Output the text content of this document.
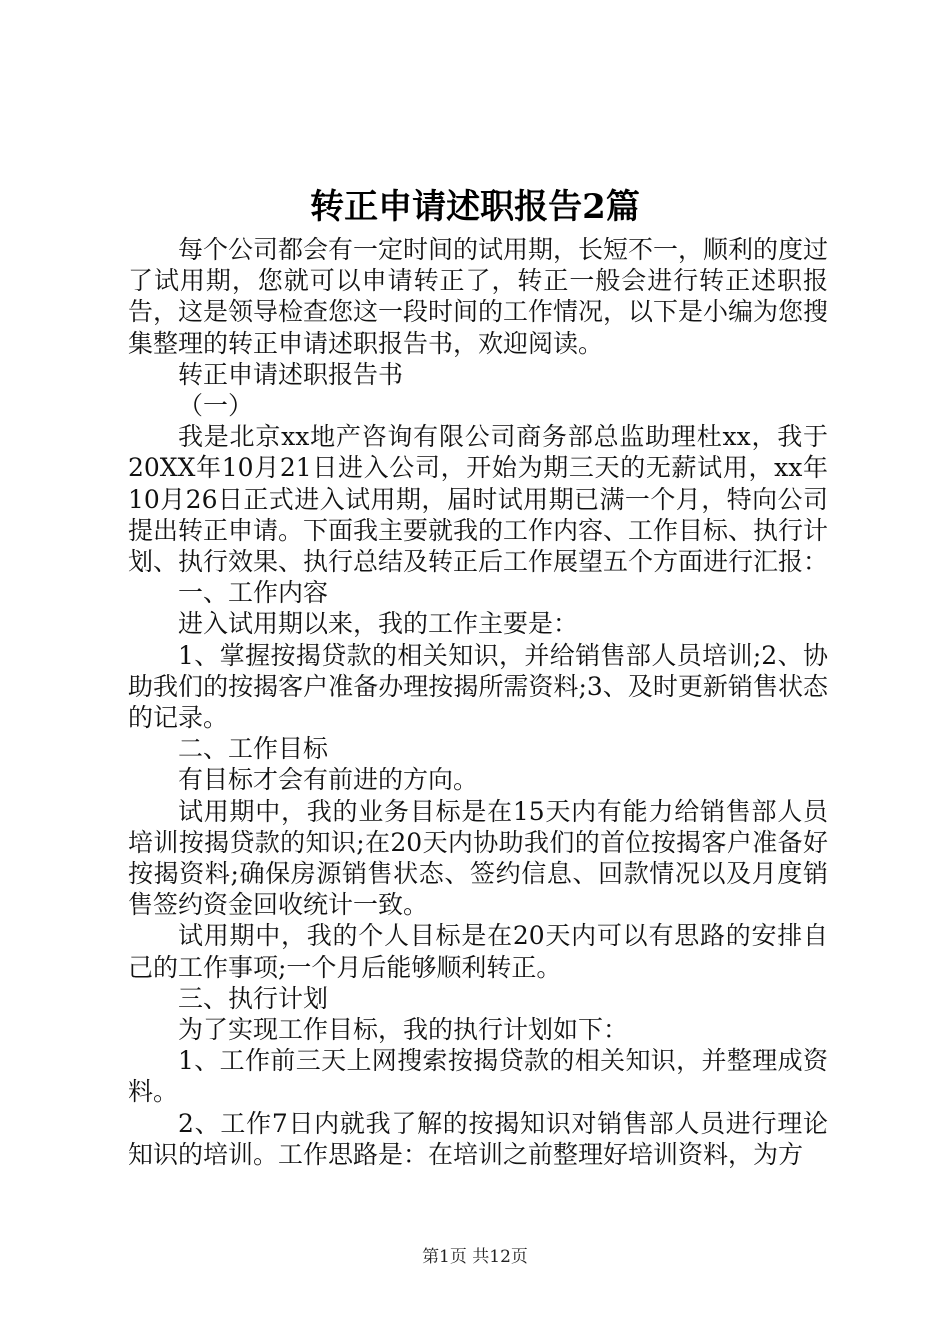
转正申请述职报告2篇

每个公司都会有一定时间的试用期，长短不一，顺利的度过了试用期，您就可以申请转正了，转正一般会进行转正述职报告，这是领导检查您这一段时间的工作情况，以下是小编为您搜集整理的转正申请述职报告书，欢迎阅读。

转正申请述职报告书

（一）

我是北京xx地产咨询有限公司商务部总监助理杜xx，我于20XX年10月21日进入公司，开始为期三天的无薪试用，xx年10月26日正式进入试用期，届时试用期已满一个月，特向公司提出转正申请。下面我主要就我的工作内容、工作目标、执行计划、执行效果、执行总结及转正后工作展望五个方面进行汇报：

一、工作内容

进入试用期以来，我的工作主要是：

1、掌握按揭贷款的相关知识，并给销售部人员培训;2、协助我们的按揭客户准备办理按揭所需资料;3、及时更新销售状态的记录。

二、工作目标

有目标才会有前进的方向。

试用期中，我的业务目标是在15天内有能力给销售部人员培训按揭贷款的知识;在20天内协助我们的首位按揭客户准备好按揭资料;确保房源销售状态、签约信息、回款情况以及月度销售签约资金回收统计一致。

试用期中，我的个人目标是在20天内可以有思路的安排自己的工作事项;一个月后能够顺利转正。

三、执行计划

为了实现工作目标，我的执行计划如下：

1、工作前三天上网搜索按揭贷款的相关知识，并整理成资料。

2、工作7日内就我了解的按揭知识对销售部人员进行理论知识的培训。工作思路是：在培训之前整理好培训资料，为方

第1页 共12页
